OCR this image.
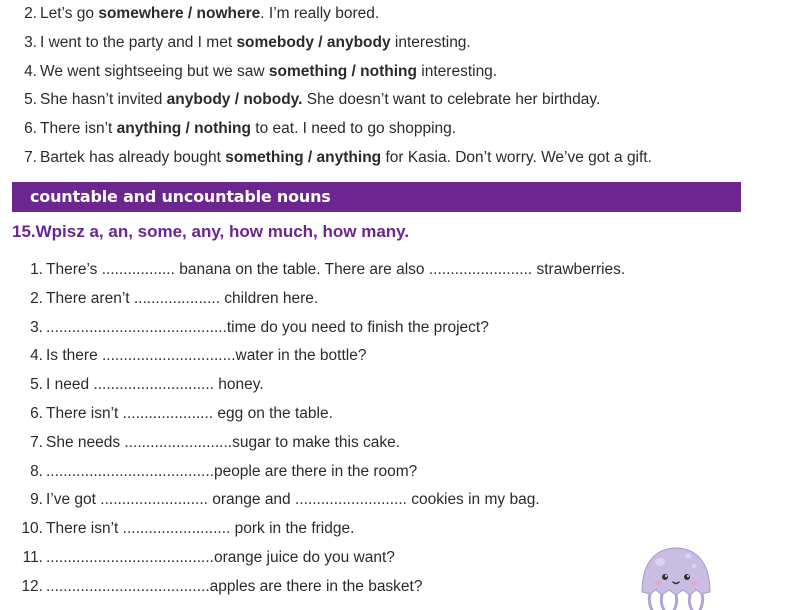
2. Let’s go somewhere / nowhere. I’m really bored.
3. I went to the party and I met somebody / anybody interesting.
4. We went sightseeing but we saw something / nothing interesting.
5. She hasn’t invited anybody / nobody. She doesn’t want to celebrate her birthday.
6. There isn’t anything / nothing to eat. I need to go shopping.
7. Bartek has already bought something / anything for Kasia. Don’t worry. We’ve got a gift.
countable and uncountable nouns
15.Wpisz a, an, some, any, how much, how many.
1. There’s ................. banana on the table. There are also ........................ strawberries.
2. There aren’t .................... children here.
3. ..........................................time do you need to finish the project?
4. Is there ...............................water in the bottle?
5. I need ............................ honey.
6. There isn’t ..................... egg on the table.
7. She needs .........................sugar to make this cake.
8. .......................................people are there in the room?
9. I’ve got ......................... orange and .......................... cookies in my bag.
10. There isn’t ......................... pork in the fridge.
11. .......................................orange juice do you want?
12. ......................................apples are there in the basket?
